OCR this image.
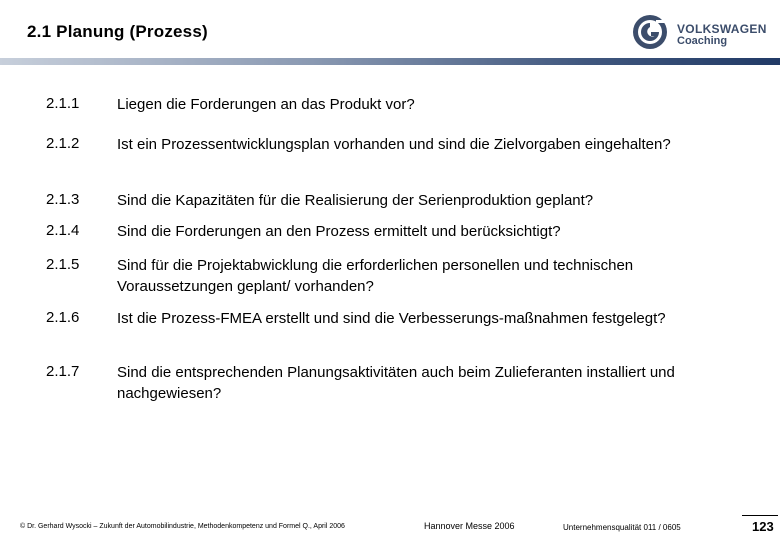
2.1 Planung (Prozess)	VOLKSWAGEN
Coaching
2.1.1	Liegen die Forderungen an das Produkt vor?
2.1.2	Ist ein Prozessentwicklungsplan vorhanden und sind die Zielvorgaben eingehalten?
2.1.3	Sind die Kapazitäten für die Realisierung der Serienproduktion geplant?
2.1.4	Sind die Forderungen an den Prozess ermittelt und berücksichtigt?
2.1.5	Sind für die Projektabwicklung die erforderlichen personellen und technischen Voraussetzungen geplant/ vorhanden?
2.1.6	Ist die Prozess-FMEA erstellt und sind die Verbesserungs-maßnahmen festgelegt?
2.1.7	Sind die entsprechenden Planungsaktivitäten auch beim Zulieferanten installiert und nachgewiesen?
© Dr. Gerhard Wysocki – Zukunft der Automobilindustrie, Methodenkompetenz und Formel Q., April 2006	Hannover Messe 2006	Unternehmensqualität 011 / 0605	123
